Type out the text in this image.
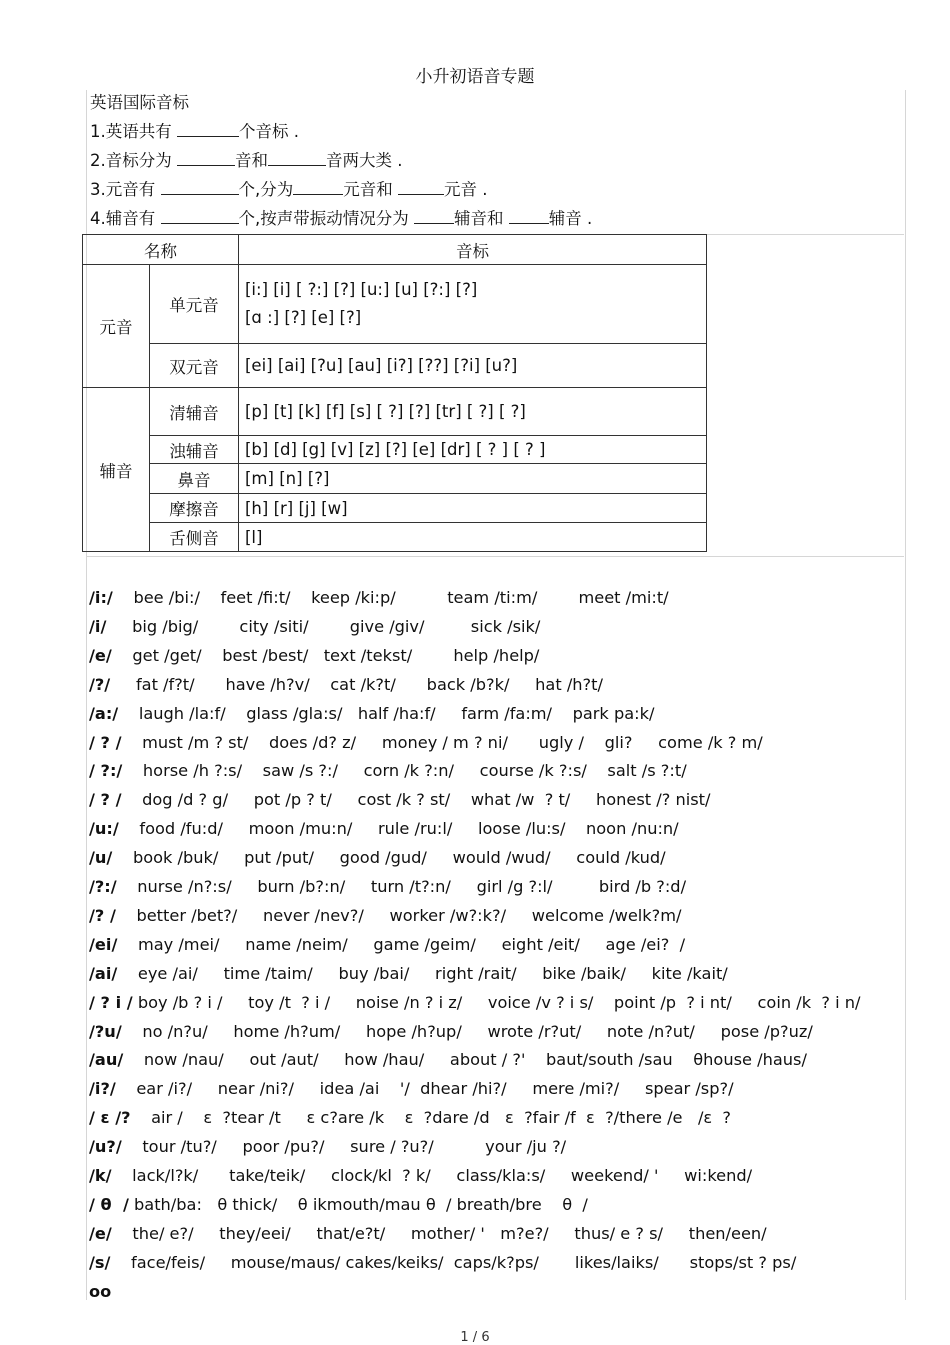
小升初语音专题
英语国际音标
1.英语共有	个音标 .
2.音标分为	音和	音两大类 .
3.元音有	个,分为	元音和	元音 .
4.辅音有	个,按声带振动情况分为 辅音和 辅音 .
名称		音标
元音	单元音	[i:] [i] [ ?:] [?] [u:] [u] [?:] [?]
[ɑ :] [?] [e] [?]

	双元音	[ei] [ai] [?u] [au] [i?] [??] [?i] [u?]
辅音	清辅音	[p] [t] [k] [f] [s] [ ?] [?] [tr] [ ?] [ ?]
	浊辅音	[b] [d] [g] [v] [z] [?] [e] [dr] [ ? ] [ ? ]
	鼻音	[m] [n] [?]
	摩擦音	[h] [r] [j] [w]
	舌侧音	[l]
/i:/    bee /bi:/    feet /fi:t/    keep /ki:p/          team /ti:m/        meet /mi:t/
/i/     big /big/        city /siti/        give /giv/         sick /sik/
/e/    get /get/    best /best/   text /tekst/        help /help/
/?/     fat /f?t/      have /h?v/    cat /k?t/      back /b?k/     hat /h?t/
/a:/    laugh /la:f/    glass /gla:s/   half /ha:f/     farm /fa:m/    park pa:k/
/ ? /    must /m ? st/    does /d? z/     money / m ? ni/      ugly /    gli?     come /k ? m/
/ ?:/    horse /h ?:s/    saw /s ?:/     corn /k ?:n/     course /k ?:s/    salt /s ?:t/
/ ? /    dog /d ? g/     pot /p ? t/     cost /k ? st/    what /w  ? t/     honest /? nist/
/u:/    food /fu:d/     moon /mu:n/     rule /ru:l/     loose /lu:s/    noon /nu:n/
/u/    book /buk/     put /put/     good /gud/     would /wud/     could /kud/
/?:/    nurse /n?:s/     burn /b?:n/     turn /t?:n/     girl /g ?:l/         bird /b ?:d/
/? /    better /bet?/     never /nev?/     worker /w?:k?/     welcome /welk?m/
/ei/    may /mei/     name /neim/     game /geim/     eight /eit/     age /ei?  /
/ai/    eye /ai/     time /taim/     buy /bai/     right /rait/     bike /baik/     kite /kait/
/ ? i / boy /b ? i /     toy /t  ? i /     noise /n ? i z/     voice /v ? i s/    point /p  ? i nt/     coin /k  ? i n/
/?u/    no /n?u/     home /h?um/     hope /h?up/     wrote /r?ut/     note /n?ut/     pose /p?uz/
/au/    now /nau/     out /aut/     how /hau/     about / ?'    baut/south /sau    θhouse /haus/
/i?/    ear /i?/     near /ni?/     idea /ai    '/  dhear /hi?/     mere /mi?/     spear /sp?/
/ ε /?    air /    ε  ?tear /t     ε c?are /k    ε  ?dare /d   ε  ?fair /f  ε  ?/there /e   /ε  ?
/u?/    tour /tu?/     poor /pu?/     sure / ?u?/          your /ju ?/
/k/    lack/l?k/      take/teik/     clock/kl  ? k/     class/kla:s/     weekend/ '     wi:kend/
/ θ  / bath/ba:   θ thick/    θ ikmouth/mau θ  / breath/bre    θ  /
/e/    the/ e?/     they/eei/     that/e?t/     mother/ '   m?e?/     thus/ e ? s/     then/een/
/s/    face/feis/     mouse/maus/ cakes/keiks/  caps/k?ps/       likes/laiks/      stops/st ? ps/
oo
1 / 6
